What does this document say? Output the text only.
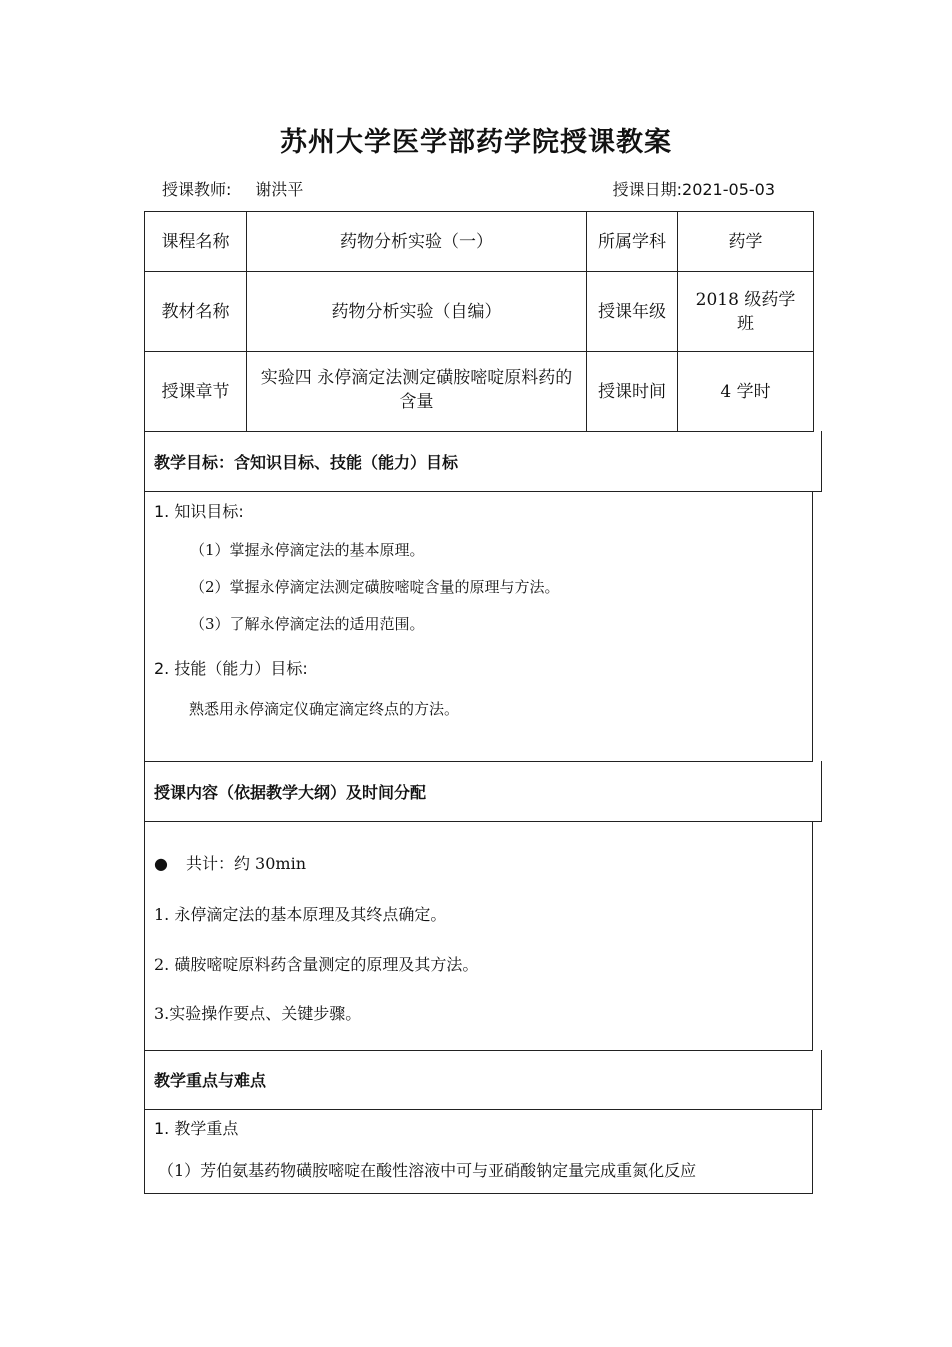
苏州大学医学部药学院授课教案
授课教师: 谢洪平	授课日期:2021-05-03
课程名称	药物分析实验（一）	所属学科	药学
教材名称	药物分析实验（自编）	授课年级	2018 级药学班
授课章节	实验四 永停滴定法测定磺胺嘧啶原料药的含量	授课时间	4 学时
教学目标：含知识目标、技能（能力）目标
1. 知识目标:
（1）掌握永停滴定法的基本原理。
（2）掌握永停滴定法测定磺胺嘧啶含量的原理与方法。
（3）了解永停滴定法的适用范围。
2. 技能（能力）目标:
熟悉用永停滴定仪确定滴定终点的方法。
授课内容（依据教学大纲）及时间分配
● 共计：约 30min
1. 永停滴定法的基本原理及其终点确定。
2. 磺胺嘧啶原料药含量测定的原理及其方法。
3.实验操作要点、关键步骤。
教学重点与难点
1. 教学重点
（1）芳伯氨基药物磺胺嘧啶在酸性溶液中可与亚硝酸钠定量完成重氮化反应
